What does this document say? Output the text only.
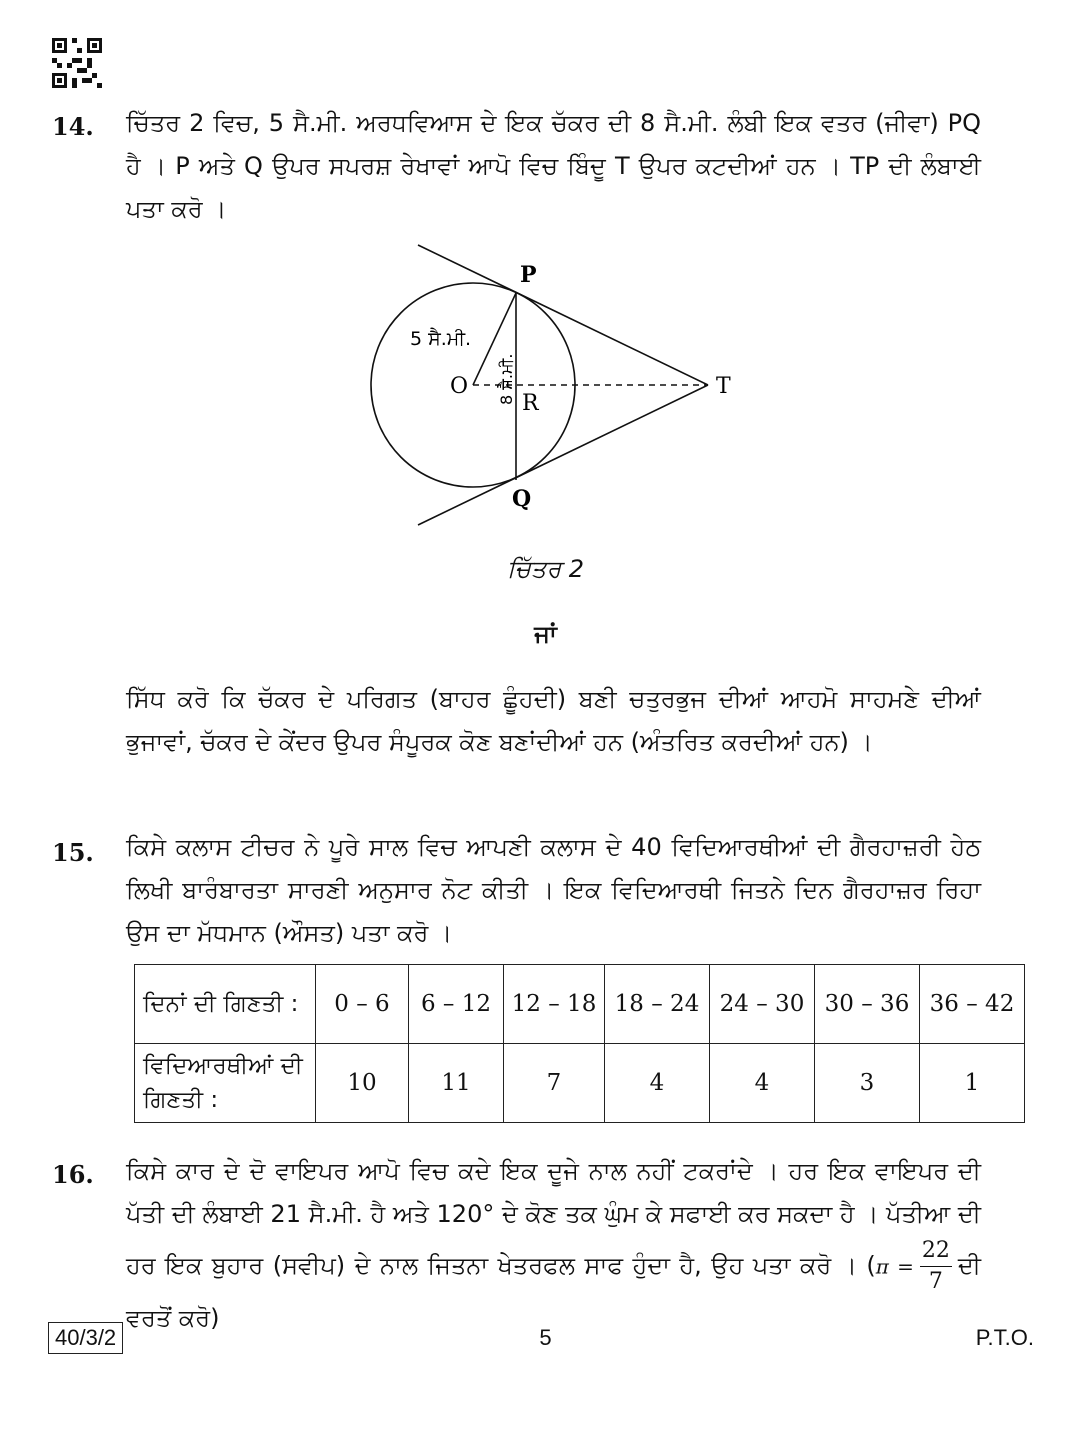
14. ਚਿੱਤਰ 2 ਵਿਚ, 5 ਸੈ.ਮੀ. ਅਰਧਵਿਆਸ ਦੇ ਇਕ ਚੱਕਰ ਦੀ 8 ਸੈ.ਮੀ. ਲੰਬੀ ਇਕ ਵਤਰ (ਜੀਵਾ) PQ ਹੈ । P ਅਤੇ Q ਉਪਰ ਸਪਰਸ਼ ਰੇਖਾਵਾਂ ਆਪੋ ਵਿਚ ਬਿੰਦੂ T ਉਪਰ ਕਟਦੀਆਂ ਹਨ । TP ਦੀ ਲੰਬਾਈ ਪਤਾ ਕਰੋ ।
P
Q
O
R
T
5 ਸੈ.ਮੀ.
8 ਸੈ.ਮੀ.
ਚਿੱਤਰ 2
ਜਾਂ
ਸਿੱਧ ਕਰੋ ਕਿ ਚੱਕਰ ਦੇ ਪਰਿਗਤ (ਬਾਹਰ ਛੂੰਹਦੀ) ਬਣੀ ਚਤੁਰਭੁਜ ਦੀਆਂ ਆਹਮੋ ਸਾਹਮਣੇ ਦੀਆਂ ਭੁਜਾਵਾਂ, ਚੱਕਰ ਦੇ ਕੇਂਦਰ ਉਪਰ ਸੰਪੂਰਕ ਕੋਣ ਬਣਾਂਦੀਆਂ ਹਨ (ਅੰਤਰਿਤ ਕਰਦੀਆਂ ਹਨ) ।
15. ਕਿਸੇ ਕਲਾਸ ਟੀਚਰ ਨੇ ਪੂਰੇ ਸਾਲ ਵਿਚ ਆਪਣੀ ਕਲਾਸ ਦੇ 40 ਵਿਦਿਆਰਥੀਆਂ ਦੀ ਗੈਰਹਾਜ਼ਰੀ ਹੇਠ ਲਿਖੀ ਬਾਰੰਬਾਰਤਾ ਸਾਰਣੀ ਅਨੁਸਾਰ ਨੋਟ ਕੀਤੀ । ਇਕ ਵਿਦਿਆਰਥੀ ਜਿਤਨੇ ਦਿਨ ਗੈਰਹਾਜ਼ਰ ਰਿਹਾ ਉਸ ਦਾ ਮੱਧਮਾਨ (ਔਸਤ) ਪਤਾ ਕਰੋ ।
ਦਿਨਾਂ ਦੀ ਗਿਣਤੀ :	0 – 6	6 – 12	12 – 18	18 – 24	24 – 30	30 – 36	36 – 42
ਵਿਦਿਆਰਥੀਆਂ ਦੀ ਗਿਣਤੀ :	10	11	7	4	4	3	1
16. ਕਿਸੇ ਕਾਰ ਦੇ ਦੋ ਵਾਇਪਰ ਆਪੋ ਵਿਚ ਕਦੇ ਇਕ ਦੂਜੇ ਨਾਲ ਨਹੀਂ ਟਕਰਾਂਦੇ । ਹਰ ਇਕ ਵਾਇਪਰ ਦੀ ਪੱਤੀ ਦੀ ਲੰਬਾਈ 21 ਸੈ.ਮੀ. ਹੈ ਅਤੇ 120° ਦੇ ਕੋਣ ਤਕ ਘੁੰਮ ਕੇ ਸਫਾਈ ਕਰ ਸਕਦਾ ਹੈ । ਪੱਤੀਆ ਦੀ ਹਰ ਇਕ ਬੁਹਾਰ (ਸਵੀਪ) ਦੇ ਨਾਲ ਜਿਤਨਾ ਖੇਤਰਫਲ ਸਾਫ ਹੁੰਦਾ ਹੈ, ਉਹ ਪਤਾ ਕਰੋ । ($\pi = \frac{22}{7}$ ਦੀ ਵਰਤੋਂ ਕਰੋ)
40/3/2	5	P.T.O.
